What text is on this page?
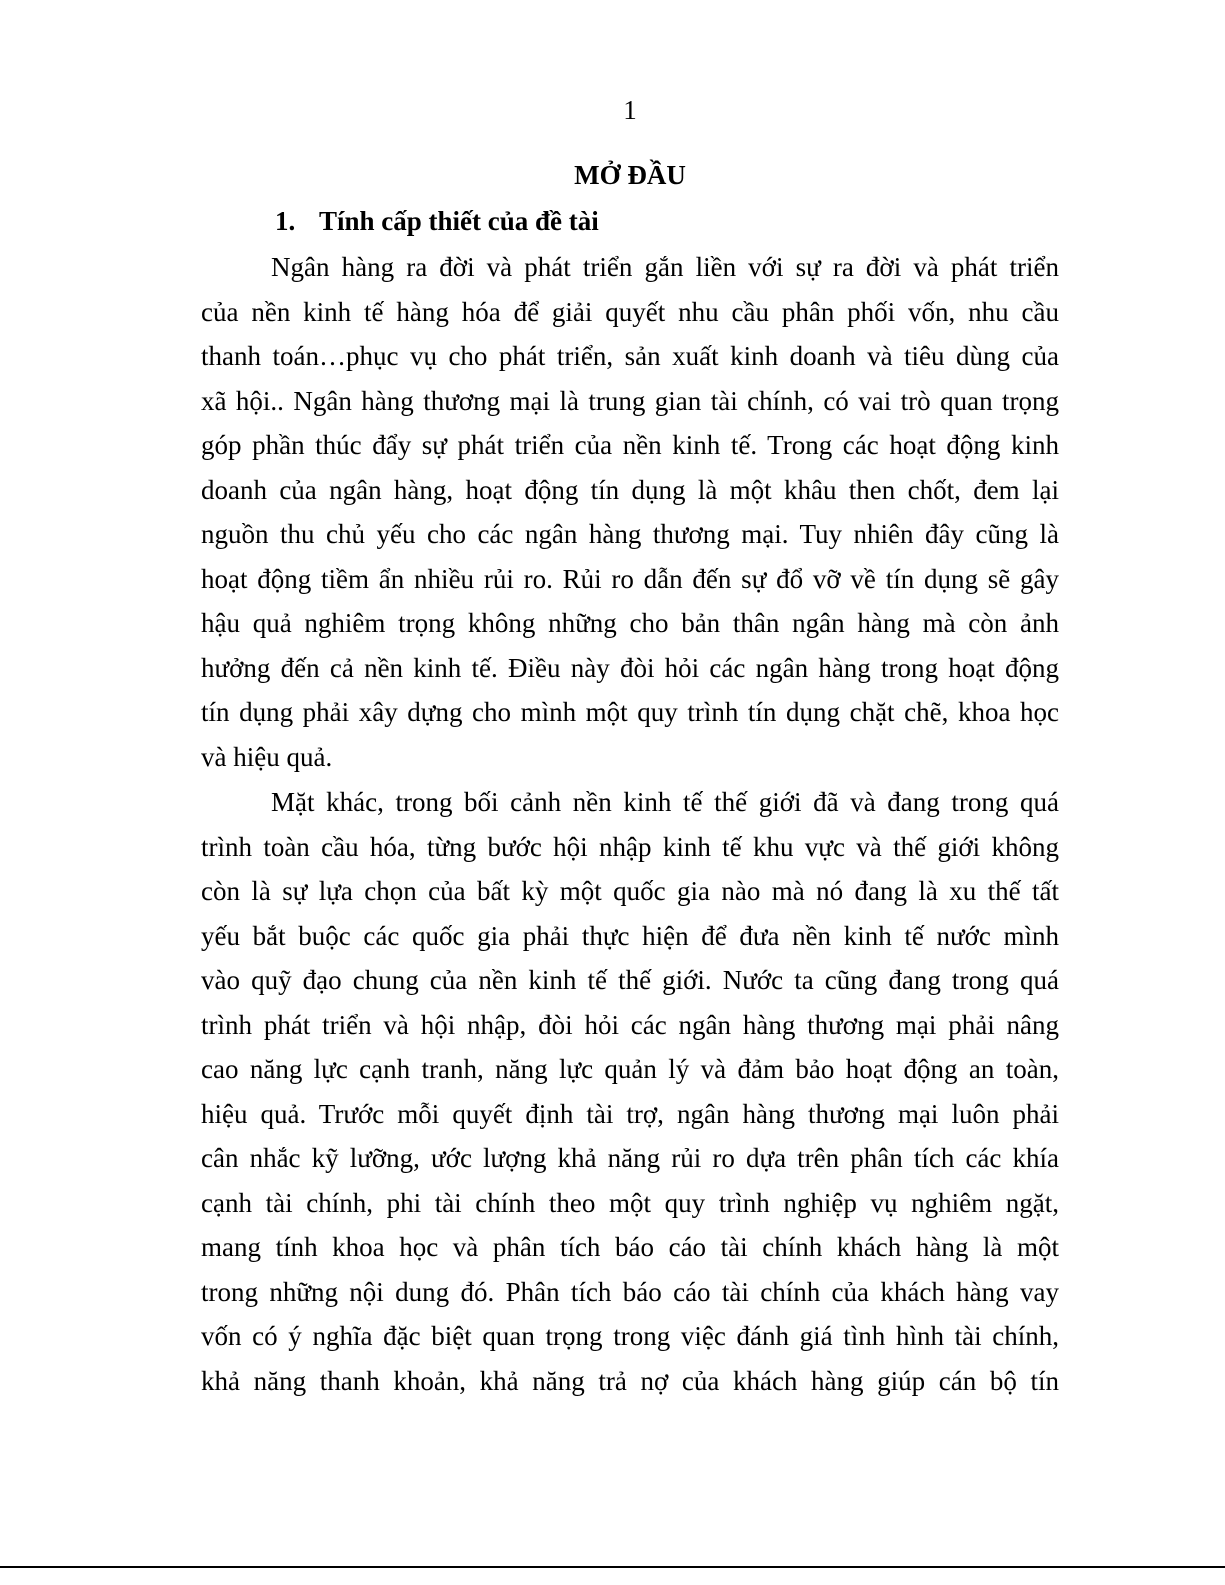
1
MỞ ĐẦU
1. Tính cấp thiết của đề tài
Ngân hàng ra đời và phát triển gắn liền với sự ra đời và phát triển
của nền kinh tế hàng hóa để giải quyết nhu cầu phân phối vốn, nhu cầu
thanh toán…phục vụ cho phát triển, sản xuất kinh doanh và tiêu dùng của
xã hội.. Ngân hàng thương mại là trung gian tài chính, có vai trò quan trọng
góp phần thúc đẩy sự phát triển của nền kinh tế. Trong các hoạt động kinh
doanh của ngân hàng, hoạt động tín dụng là một khâu then chốt, đem lại
nguồn thu chủ yếu cho các ngân hàng thương mại. Tuy nhiên đây cũng là
hoạt động tiềm ẩn nhiều rủi ro. Rủi ro dẫn đến sự đổ vỡ về tín dụng sẽ gây
hậu quả nghiêm trọng không những cho bản thân ngân hàng mà còn ảnh
hưởng đến cả nền kinh tế. Điều này đòi hỏi các ngân hàng trong hoạt động
tín dụng phải xây dựng cho mình một quy trình tín dụng chặt chẽ, khoa học
và hiệu quả.
Mặt khác, trong bối cảnh nền kinh tế thế giới đã và đang trong quá
trình toàn cầu hóa, từng bước hội nhập kinh tế khu vực và thế giới không
còn là sự lựa chọn của bất kỳ một quốc gia nào mà nó đang là xu thế tất
yếu bắt buộc các quốc gia phải thực hiện để đưa nền kinh tế nước mình
vào quỹ đạo chung của nền kinh tế thế giới. Nước ta cũng đang trong quá
trình phát triển và hội nhập, đòi hỏi các ngân hàng thương mại phải nâng
cao năng lực cạnh tranh, năng lực quản lý và đảm bảo hoạt động an toàn,
hiệu quả. Trước mỗi quyết định tài trợ, ngân hàng thương mại luôn phải
cân nhắc kỹ lưỡng, ước lượng khả năng rủi ro dựa trên phân tích các khía
cạnh tài chính, phi tài chính theo một quy trình nghiệp vụ nghiêm ngặt,
mang tính khoa học và phân tích báo cáo tài chính khách hàng là một
trong những nội dung đó. Phân tích báo cáo tài chính của khách hàng vay
vốn có ý nghĩa đặc biệt quan trọng trong việc đánh giá tình hình tài chính,
khả năng thanh khoản, khả năng trả nợ của khách hàng giúp cán bộ tín
